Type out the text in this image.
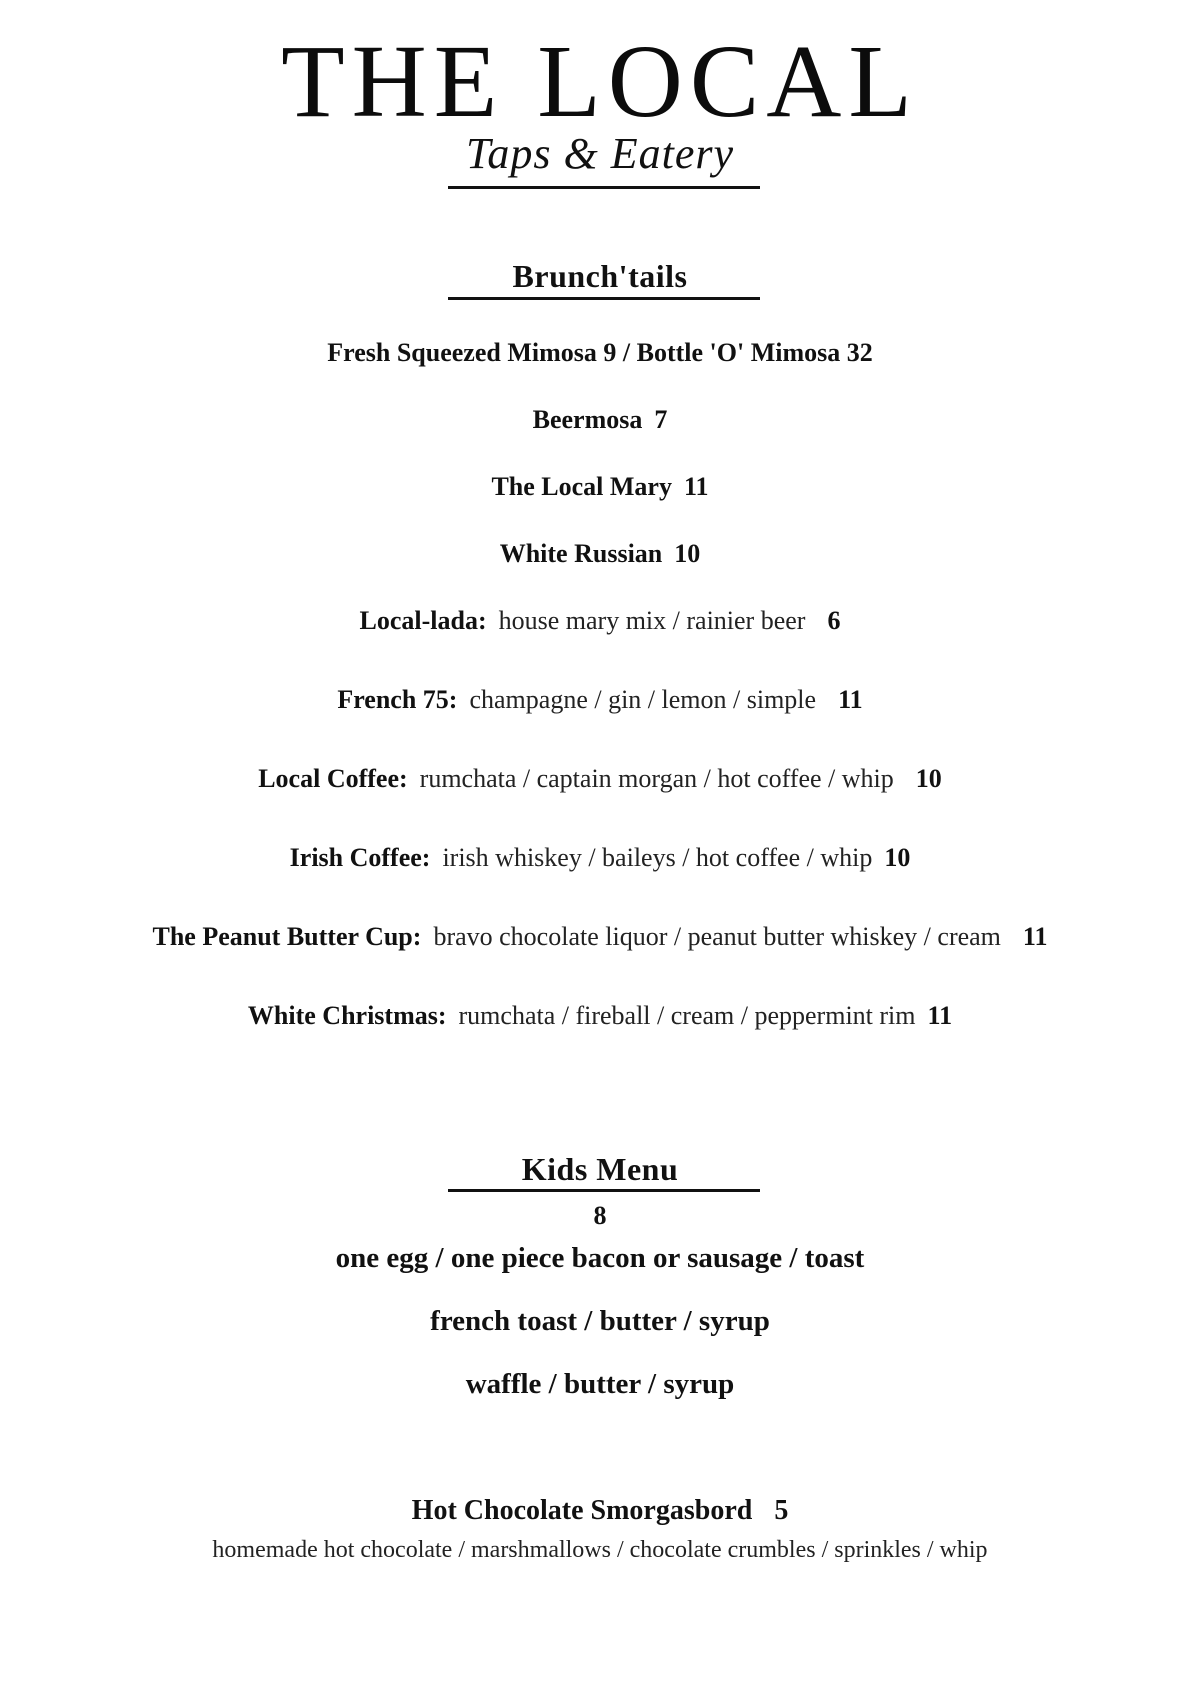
THE LOCAL
Taps & Eatery
Brunch'tails
Fresh Squeezed Mimosa 9 / Bottle 'O' Mimosa 32
Beermosa 7
The Local Mary 11
White Russian 10
Local-lada: house mary mix / rainier beer 6
French 75: champagne / gin / lemon / simple 11
Local Coffee: rumchata / captain morgan / hot coffee / whip 10
Irish Coffee: irish whiskey / baileys / hot coffee / whip 10
The Peanut Butter Cup: bravo chocolate liquor / peanut butter whiskey / cream 11
White Christmas: rumchata / fireball / cream / peppermint rim 11
Kids Menu
8
one egg / one piece bacon or sausage / toast
french toast / butter / syrup
waffle / butter / syrup
Hot Chocolate Smorgasbord 5
homemade hot chocolate / marshmallows / chocolate crumbles / sprinkles / whip
